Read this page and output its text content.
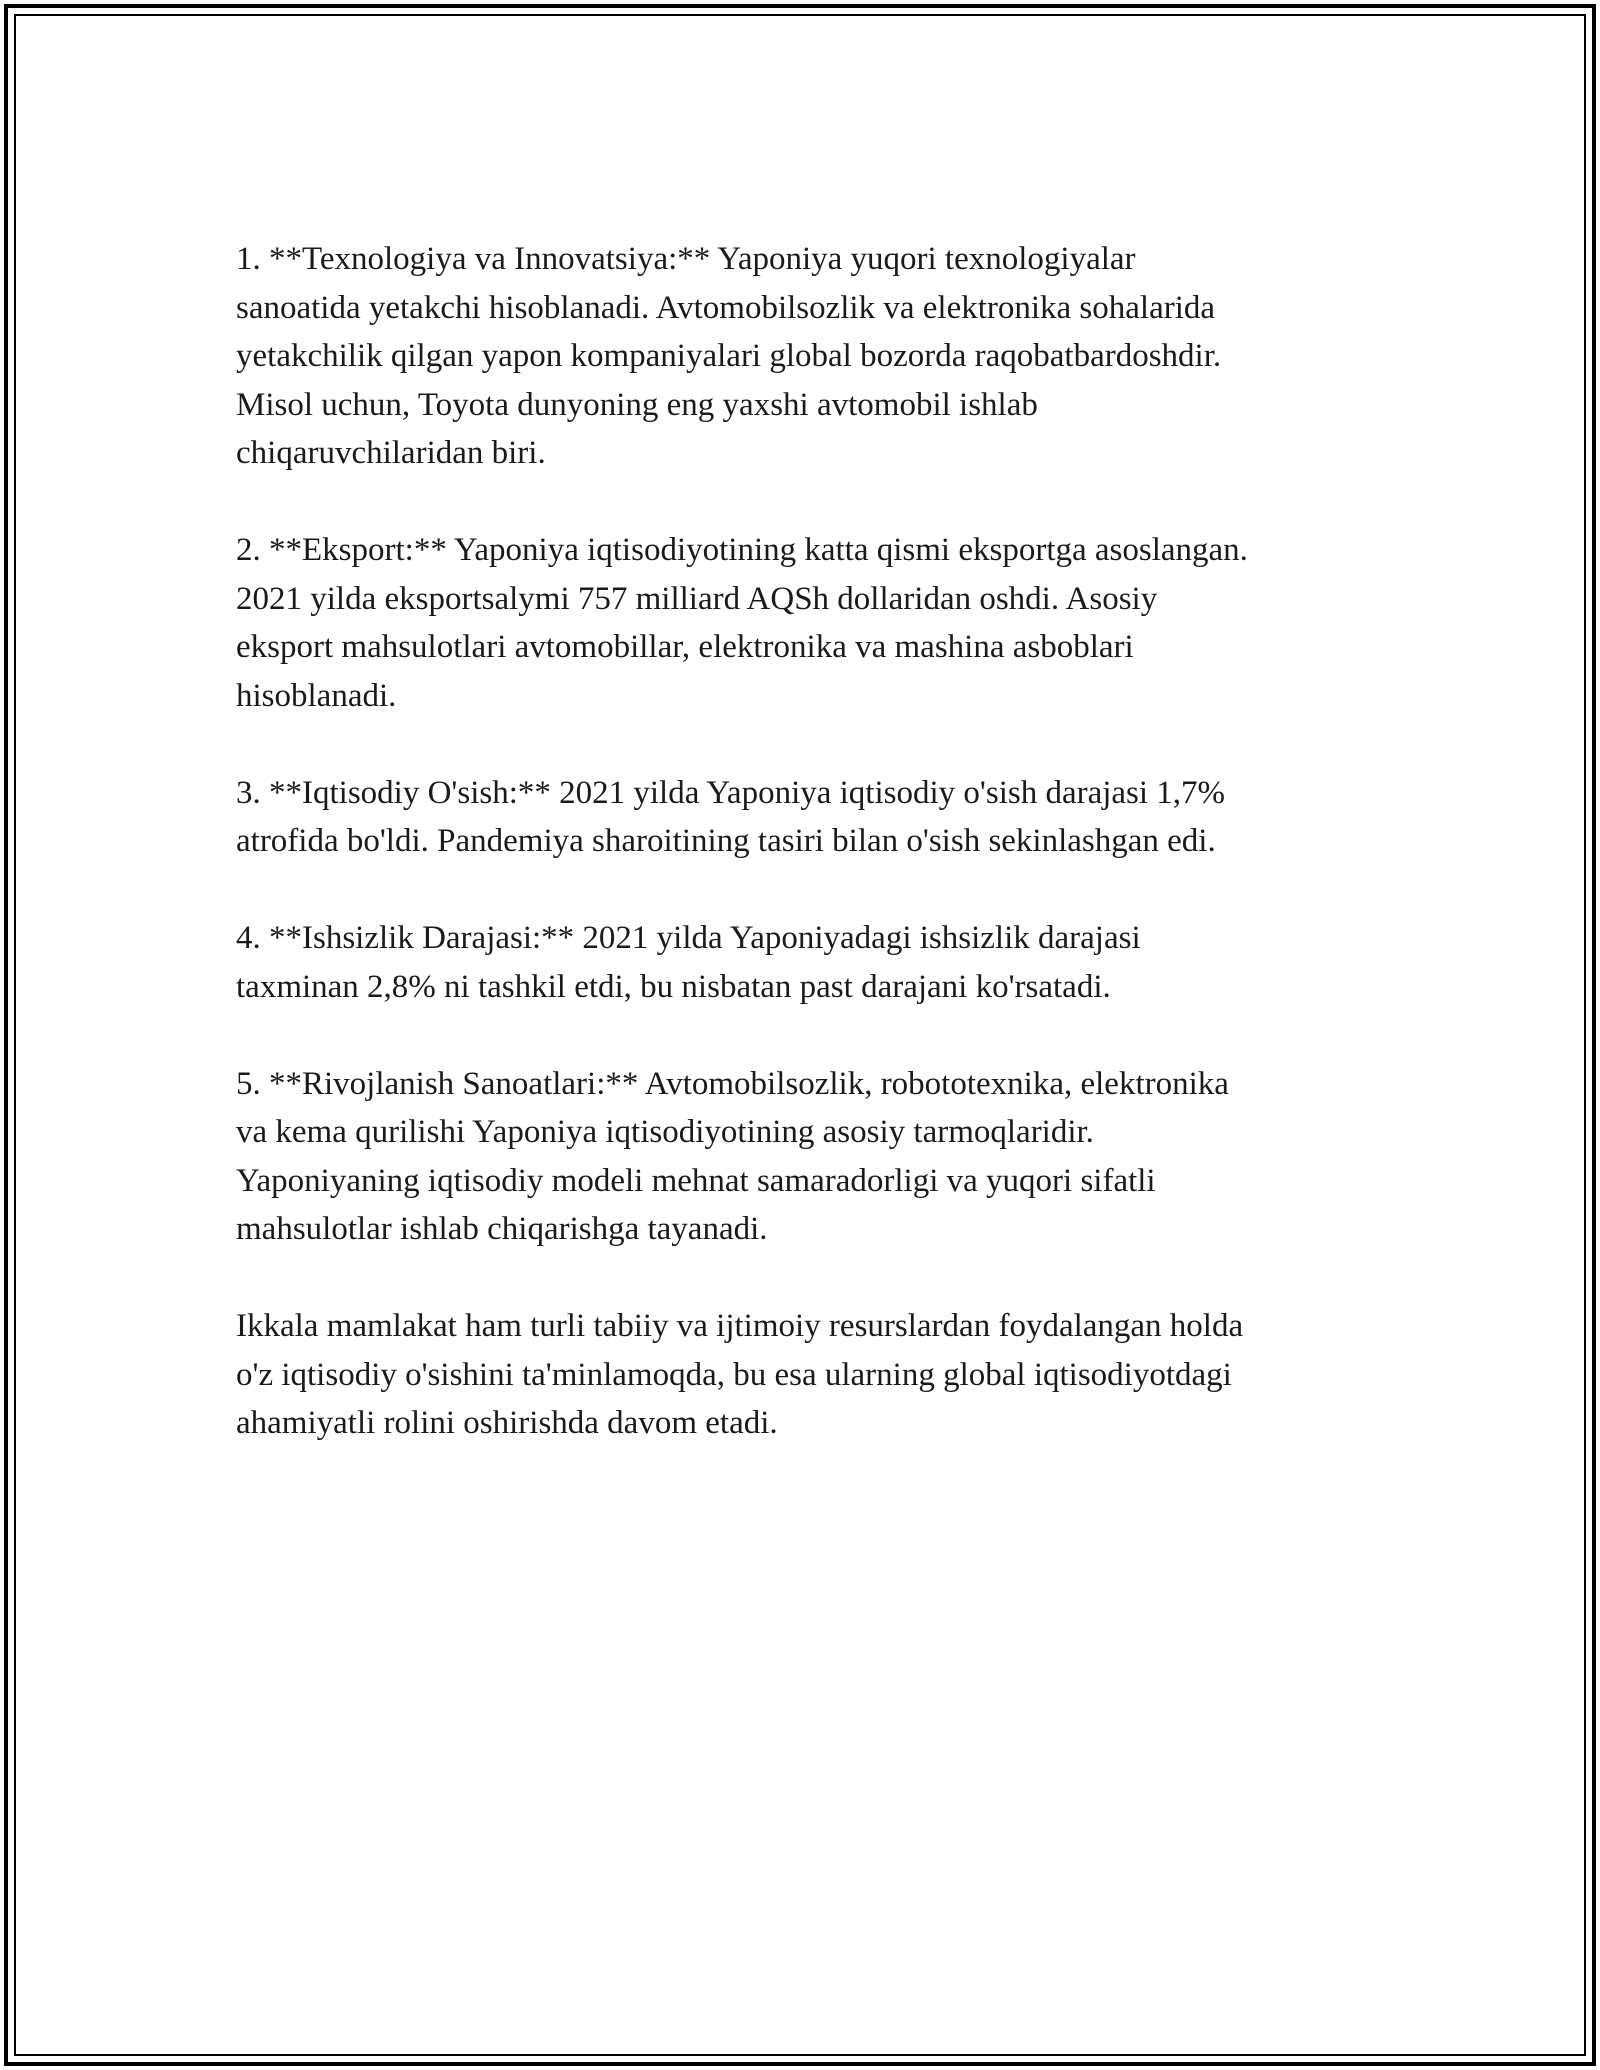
1. **Texnologiya va Innovatsiya:** Yaponiya yuqori texnologiyalar
sanoatida yetakchi hisoblanadi. Avtomobilsozlik va elektronika sohalarida
yetakchilik qilgan yapon kompaniyalari global bozorda raqobatbardoshdir.
Misol uchun, Toyota dunyoning eng yaxshi avtomobil ishlab
chiqaruvchilaridan biri.

2. **Eksport:** Yaponiya iqtisodiyotining katta qismi eksportga asoslangan.
2021 yilda eksportsalymi 757 milliard AQSh dollaridan oshdi. Asosiy
eksport mahsulotlari avtomobillar, elektronika va mashina asboblari
hisoblanadi.

3. **Iqtisodiy O'sish:** 2021 yilda Yaponiya iqtisodiy o'sish darajasi 1,7%
atrofida bo'ldi. Pandemiya sharoitining tasiri bilan o'sish sekinlashgan edi.

4. **Ishsizlik Darajasi:** 2021 yilda Yaponiyadagi ishsizlik darajasi
taxminan 2,8% ni tashkil etdi, bu nisbatan past darajani ko'rsatadi.

5. **Rivojlanish Sanoatlari:** Avtomobilsozlik, robototexnika, elektronika
va kema qurilishi Yaponiya iqtisodiyotining asosiy tarmoqlaridir.
Yaponiyaning iqtisodiy modeli mehnat samaradorligi va yuqori sifatli
mahsulotlar ishlab chiqarishga tayanadi.

Ikkala mamlakat ham turli tabiiy va ijtimoiy resurslardan foydalangan holda
o'z iqtisodiy o'sishini ta'minlamoqda, bu esa ularning global iqtisodiyotdagi
ahamiyatli rolini oshirishda davom etadi.
